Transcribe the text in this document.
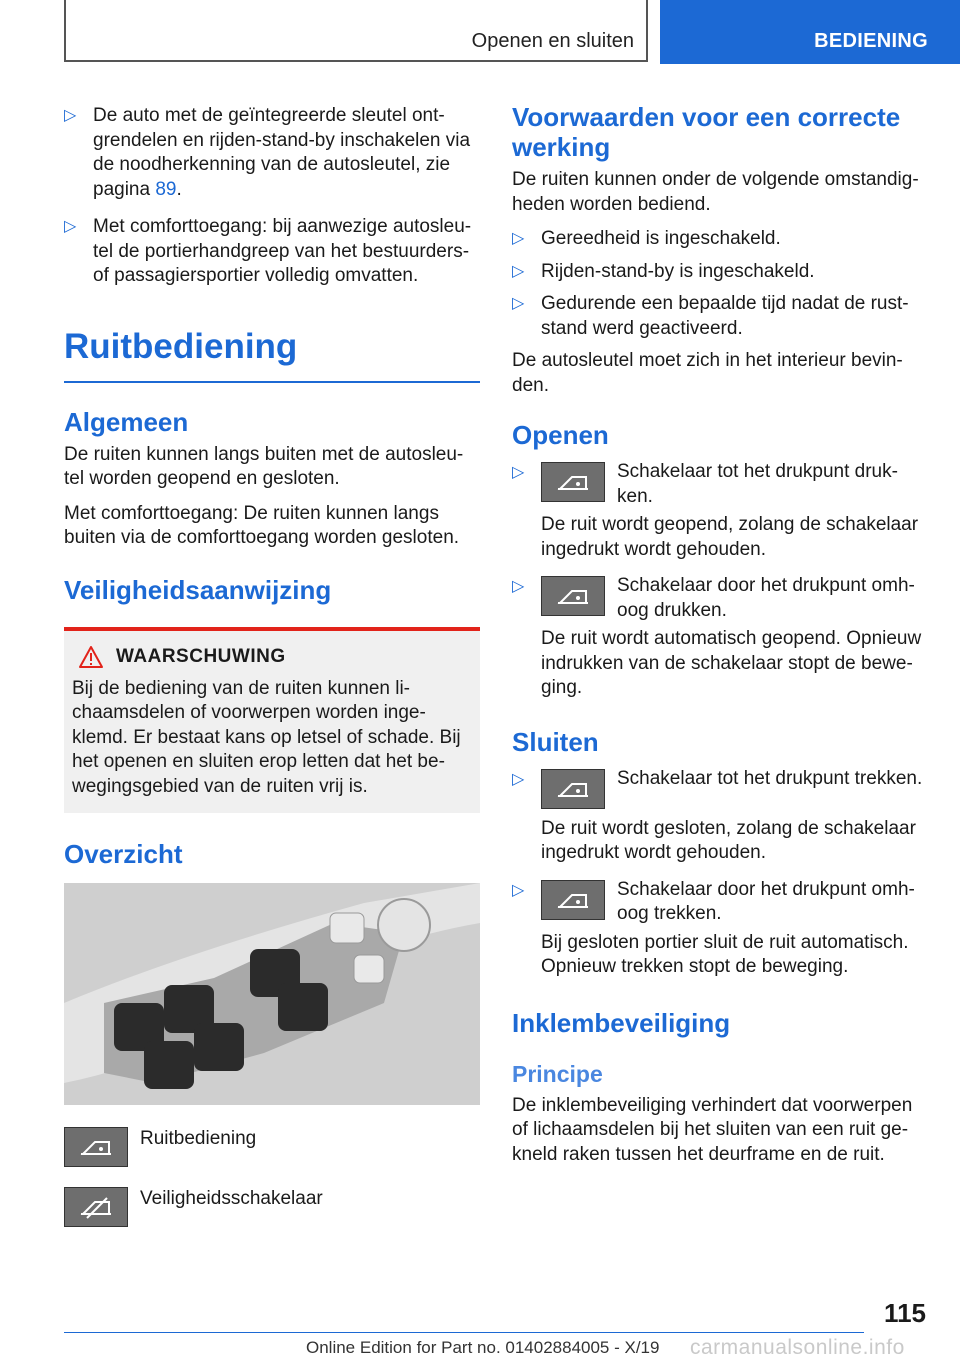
Openen en sluiten	BEDIENING
▷ De auto met de geïntegreerde sleutel ont-grendelen en rijden-stand-by inschakelen via de noodherkenning van de autosleutel, zie pagina 89.
▷ Met comforttoegang: bij aanwezige autosleu-tel de portierhandgreep van het bestuurders- of passagiersportier volledig omvatten.
Ruitbediening
Algemeen

De ruiten kunnen langs buiten met de autosleu-tel worden geopend en gesloten.

Met comforttoegang: De ruiten kunnen langs buiten via de comforttoegang worden gesloten.

Veiligheidsaanwijzing
WAARSCHUWING

Bij de bediening van de ruiten kunnen li-chaamsdelen of voorwerpen worden inge-klemd. Er bestaat kans op letsel of schade. Bij het openen en sluiten erop letten dat het be-wegingsgebied van de ruiten vrij is.

Overzicht
Ruitbediening
Veiligheidsschakelaar
Voorwaarden voor een correcte werking

De ruiten kunnen onder de volgende omstandig-heden worden bediend.

▷ Gereedheid is ingeschakeld.
▷ Rijden-stand-by is ingeschakeld.
▷ Gedurende een bepaalde tijd nadat de rust-stand werd geactiveerd.

De autosleutel moet zich in het interieur bevin-den.

Openen
▷	Schakelaar tot het drukpunt druk-ken.
De ruit wordt geopend, zolang de schakelaar ingedrukt wordt gehouden.
▷	Schakelaar door het drukpunt omh-oog drukken.
De ruit wordt automatisch geopend. Opnieuw indrukken van de schakelaar stopt de bewe-ging.
Sluiten
▷	Schakelaar tot het drukpunt trekken.
De ruit wordt gesloten, zolang de schakelaar ingedrukt wordt gehouden.
▷	Schakelaar door het drukpunt omh-oog trekken.
Bij gesloten portier sluit de ruit automatisch. Opnieuw trekken stopt de beweging.
Inklembeveiliging
Principe

De inklembeveiliging verhindert dat voorwerpen of lichaamsdelen bij het sluiten van een ruit ge-kneld raken tussen het deurframe en de ruit.

115
Online Edition for Part no. 01402884005 - X/19 carmanualsonline.info
